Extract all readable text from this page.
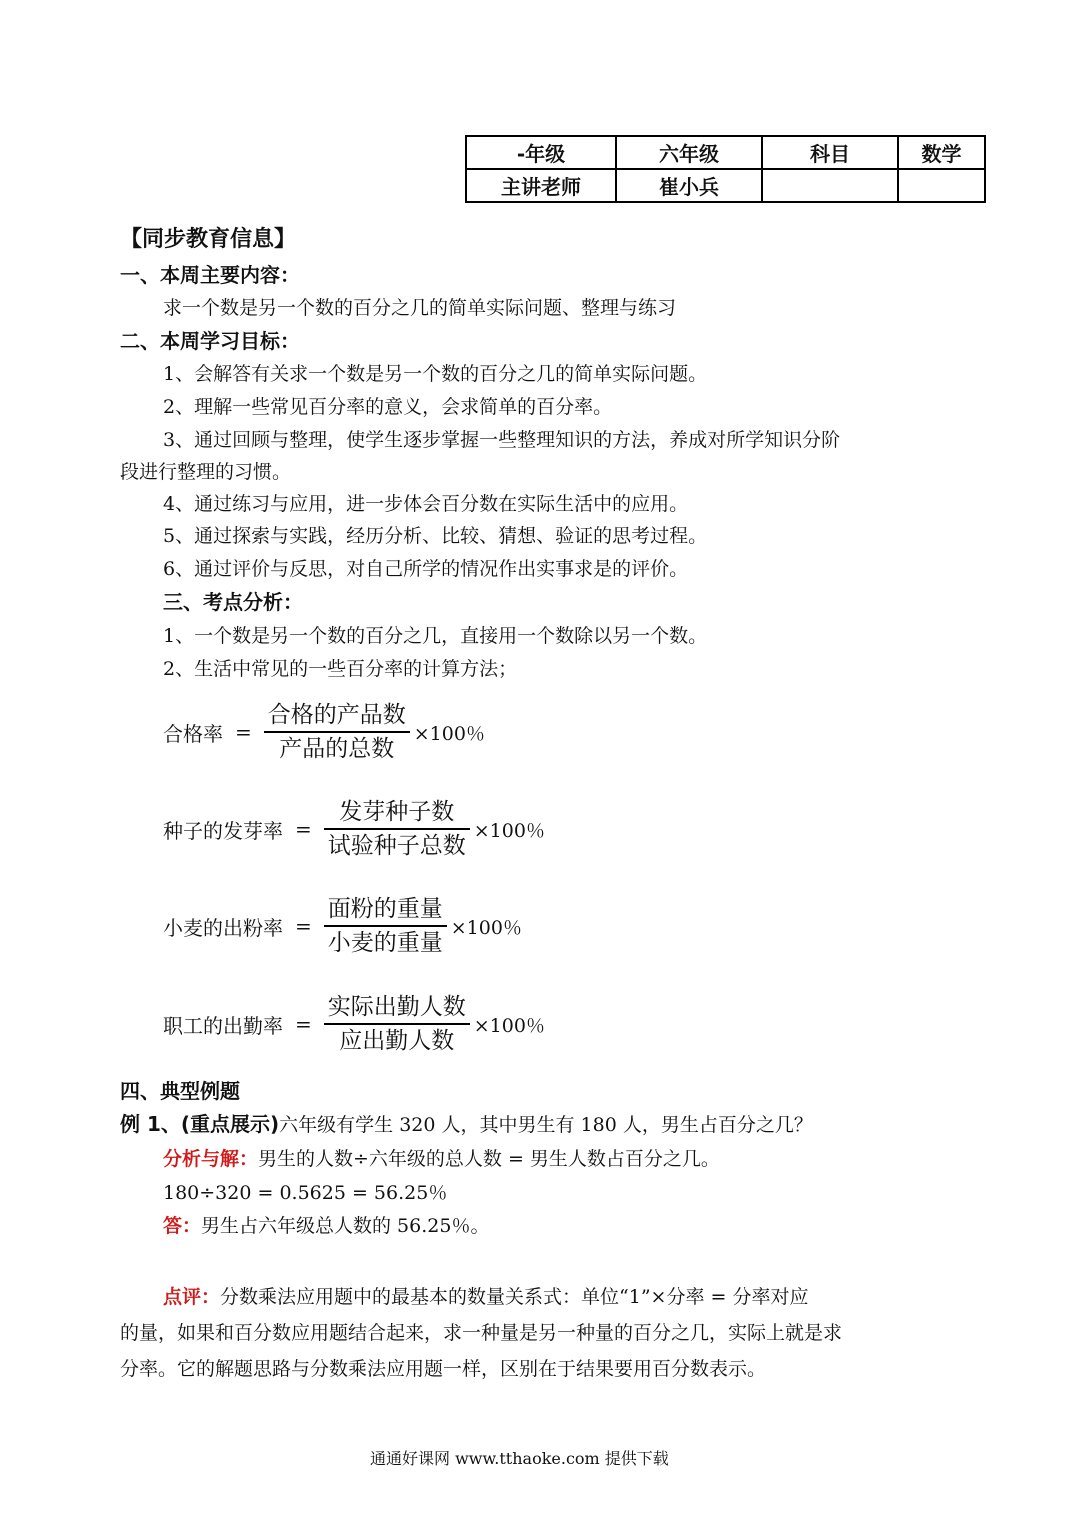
-年级	六年级	科目	数学
主讲老师	崔小兵		
【同步教育信息】
一、本周主要内容：
求一个数是另一个数的百分之几的简单实际问题、整理与练习
二、本周学习目标：
1、会解答有关求一个数是另一个数的百分之几的简单实际问题。
2、理解一些常见百分率的意义，会求简单的百分率。
3、通过回顾与整理，使学生逐步掌握一些整理知识的方法，养成对所学知识分阶
段进行整理的习惯。
4、通过练习与应用，进一步体会百分数在实际生活中的应用。
5、通过探索与实践，经历分析、比较、猜想、验证的思考过程。
6、通过评价与反思，对自己所学的情况作出实事求是的评价。
三、考点分析：
1、一个数是另一个数的百分之几，直接用一个数除以另一个数。
2、生活中常见的一些百分率的计算方法；
合格率 = $\frac{\text{合格的产品数}}{\text{产品的总数}} \times 100$％
种子的发芽率 = $\frac{\text{发芽种子数}}{\text{试验种子总数}} \times 100$％
小麦的出粉率 = $\frac{\text{面粉的重量}}{\text{小麦的重量}} \times 100$％
职工的出勤率 = $\frac{\text{实际出勤人数}}{\text{应出勤人数}} \times 100$％
四、典型例题
例 1、(重点展示)六年级有学生 320 人，其中男生有 180 人，男生占百分之几？
分析与解：男生的人数÷六年级的总人数 = 男生人数占百分之几。
180÷320 = 0.5625 = 56.25％
答：男生占六年级总人数的 56.25％。
点评：分数乘法应用题中的最基本的数量关系式：单位“1”×分率 = 分率对应
的量，如果和百分数应用题结合起来，求一种量是另一种量的百分之几，实际上就是求
分率。它的解题思路与分数乘法应用题一样，区别在于结果要用百分数表示。
通通好课网 www.tthaoke.com 提供下载
